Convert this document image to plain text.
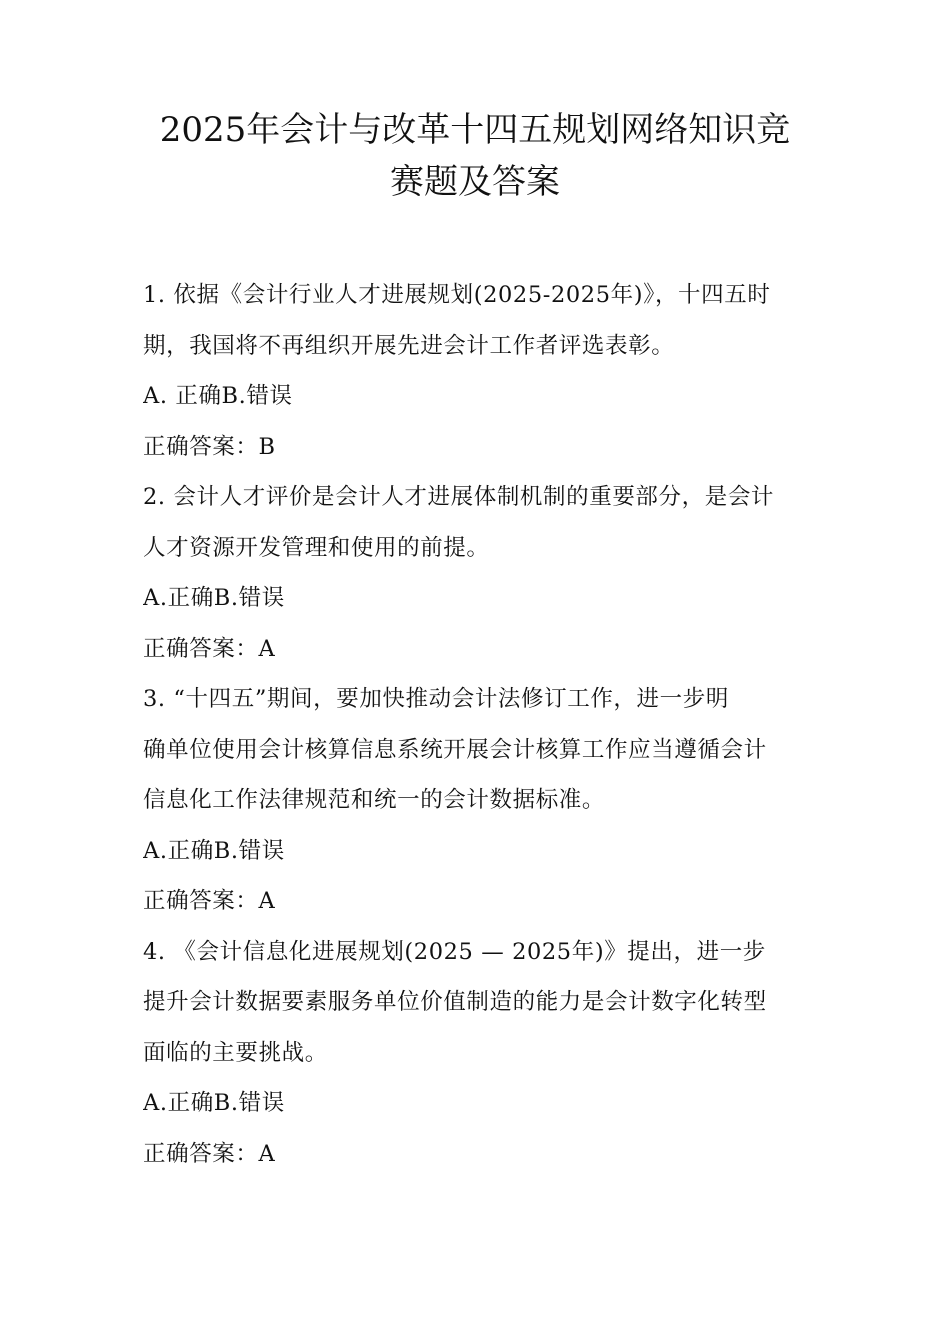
2025年会计与改革十四五规划网络知识竞
赛题及答案
1. 依据《会计行业人才进展规划(2025-2025年)》，十四五时
期，我国将不再组织开展先进会计工作者评选表彰。
A. 正确B.错误
正确答案：B
2. 会计人才评价是会计人才进展体制机制的重要部分，是会计
人才资源开发管理和使用的前提。
A.正确B.错误
正确答案：A
3. “十四五”期间，要加快推动会计法修订工作，进一步明
确单位使用会计核算信息系统开展会计核算工作应当遵循会计
信息化工作法律规范和统一的会计数据标准。
A.正确B.错误
正确答案：A
4. 《会计信息化进展规划(2025 — 2025年)》提出，进一步
提升会计数据要素服务单位价值制造的能力是会计数字化转型
面临的主要挑战。
A.正确B.错误
正确答案：A
